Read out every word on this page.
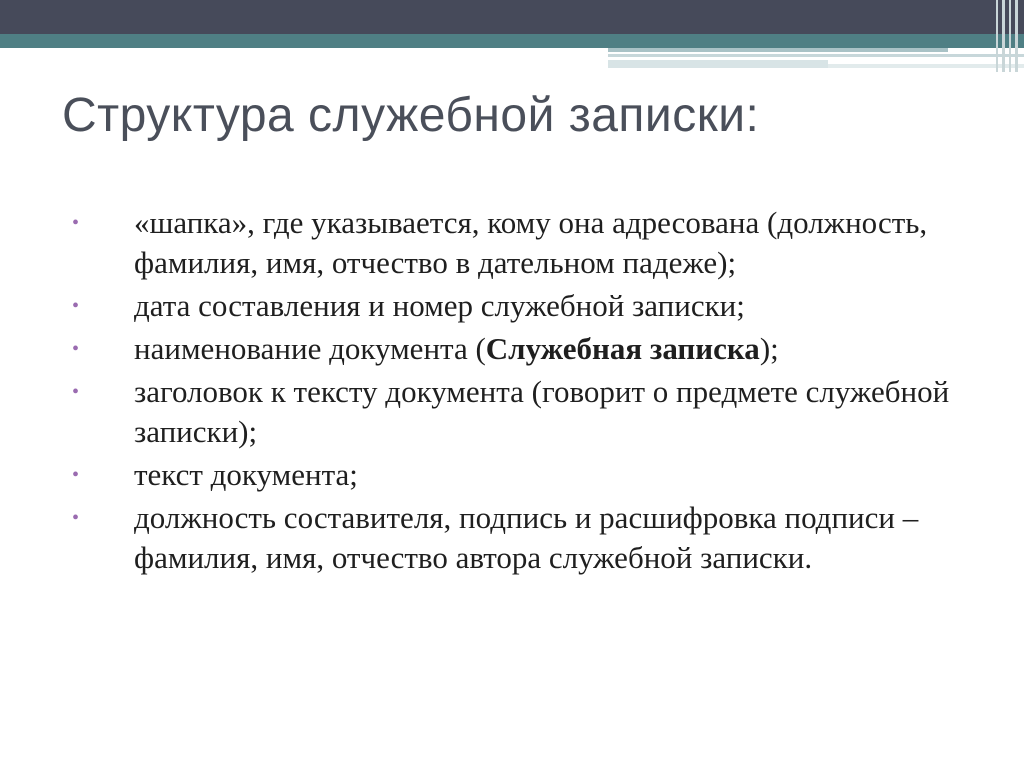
Структура служебной записки:
•	«шапка», где указывается, кому она адресована (должность, фамилия, имя, отчество в дательном падеже);
•	дата составления и номер служебной записки;
•	наименование документа (Служебная записка);
•	заголовок к тексту документа (говорит о предмете служебной записки);
•	текст документа;
•	должность составителя, подпись и расшифровка подписи – фамилия, имя, отчество автора служебной записки.
